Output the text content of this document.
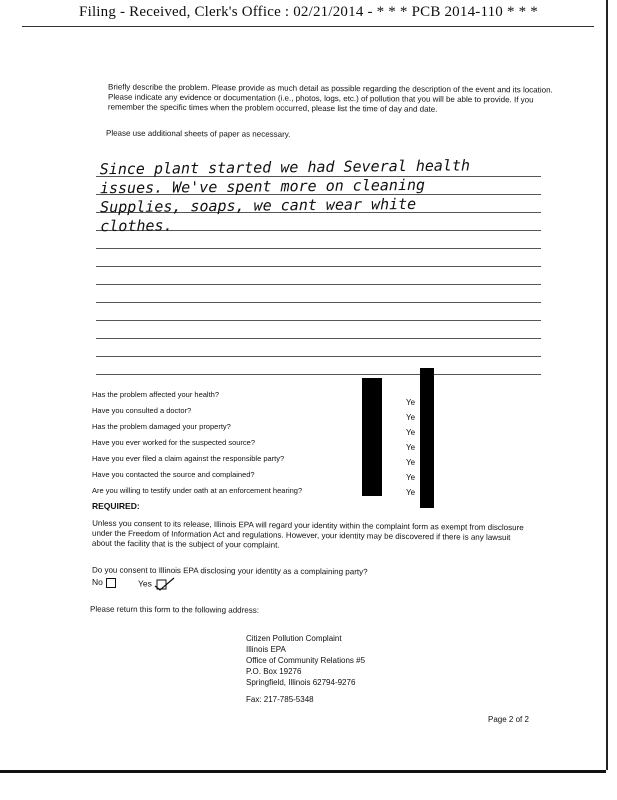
Filing - Received, Clerk's Office : 02/21/2014 - * * * PCB 2014-110 * * *
Briefly describe the problem. Please provide as much detail as possible regarding the description of the event and its location. Please indicate any evidence or documentation (i.e., photos, logs, etc.) of pollution that you will be able to provide. If you remember the specific times when the problem occurred, please list the time of day and date.
Please use additional sheets of paper as necessary.
Since plant started we had Several health
issues. We've spent more on cleaning
Supplies, soaps, we cant wear white
clothes.
Has the problem affected your health?
Have you consulted a doctor?
Has the problem damaged your property?
Have you ever worked for the suspected source?
Have you ever filed a claim against the responsible party?
Have you contacted the source and complained?
Are you willing to testify under oath at an enforcement hearing?
Ye
Ye
Ye
Ye
Ye
Ye
Ye
REQUIRED:
Unless you consent to its release, Illinois EPA will regard your identity within the complaint form as exempt from disclosure under the Freedom of Information Act and regulations. However, your identity may be discovered if there is any lawsuit about the facility that is the subject of your complaint.
Do you consent to Illinois EPA disclosing your identity as a complaining party?
No	Yes
Please return this form to the following address:
Citizen Pollution Complaint
Illinois EPA
Office of Community Relations #5
P.O. Box 19276
Springfield, Illinois 62794-9276
Fax: 217-785-5348
Page 2 of 2
